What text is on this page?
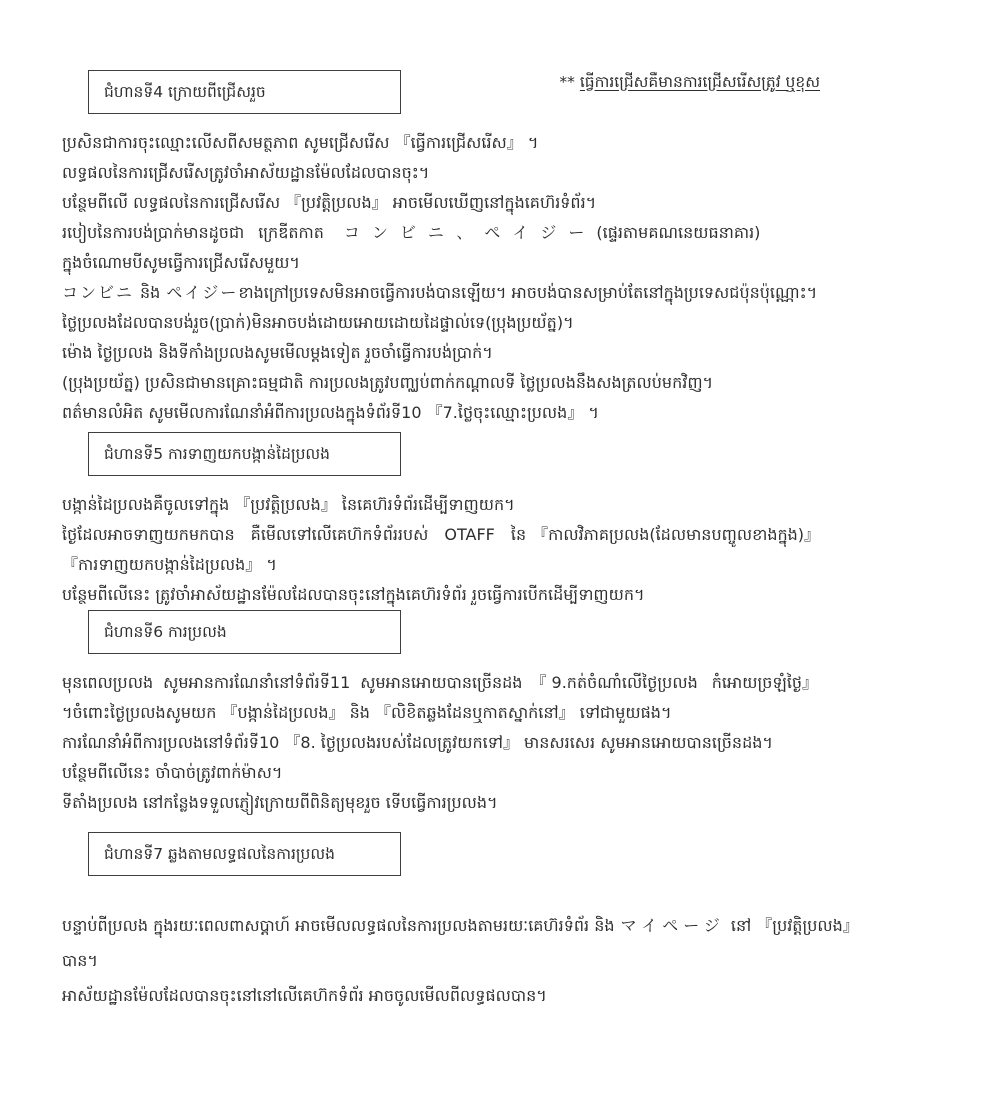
ជំហានទី4 ក្រោយពីជ្រើសរួច
** ធ្វើការជ្រើសគឺមានការជ្រើសរើសត្រូវ ឬខុស
ប្រសិនជាការចុះឈ្មោះលើសពីសមត្ថភាព សូមជ្រើសរើស 『ធ្វើការជ្រើសរើស』 ។
លទ្ធផលនៃការជ្រើសរើសត្រូវចាំអាស័យដ្ឋានម៉ែលដែលបានចុះ។
បន្ថែមពីលើ លទ្ធផលនៃការជ្រើសរើស 『ប្រវត្តិប្រលង』 អាចមើលឃើញនៅក្នុងគេហ៊រទំព័រ។
របៀបនៃការបង់ប្រាក់មានដូចជា ក្រេឌីតកាត コンビニ、ペイジー(ផ្ទេរតាមគណនេយធនាគារ)
ក្នុងចំណោមបីសូមធ្វើការជ្រើសរើសមួយ។
コンビニ និង ペイジーខាងក្រៅប្រទេសមិនអាចធ្វើការបង់បានឡើយ។ អាចបង់បានសម្រាប់តែនៅក្នុងប្រទេសជប៉ុនប៉ុណ្ណោះ។
ថ្លៃប្រលងដែលបានបង់រួច(ប្រាក់)មិនអាចបង់ដោយអោយដោយដៃផ្ទាល់ទេ(ប្រុងប្រយ័ត្ន)។
ម៉ោង ថ្ងៃប្រលង និងទីកាំងប្រលងសូមមើលម្ដងទៀត រួចចាំធ្វើការបង់ប្រាក់។
(ប្រុងប្រយ័ត្ន) ប្រសិនជាមានគ្រោះធម្មជាតិ ការប្រលងត្រូវបញ្ឈប់ពាក់កណ្ដាលទី ថ្លៃប្រលងនឹងសងត្រលប់មកវិញ។
ពត៌មានលំអិត សូមមើលការណែនាំអំពីការប្រលងក្នុងទំព័រទី10 『7.ថ្លៃចុះឈ្មោះប្រលង』 ។
ជំហានទី5 ការទាញយកបង្កាន់ដៃប្រលង
បង្កាន់ដៃប្រលងគឺចូលទៅក្នុង 『ប្រវត្តិប្រលង』 នៃគេហ៊រទំព័រដើម្បីទាញយក។
ថ្ងៃដែលអាចទាញយកមកបាន គឺមើលទៅលើគេហ៊កទំព័ររបស់ OTAFF នៃ 『កាលវិភាគប្រលង(ដែលមានបញ្ចូលខាងក្នុង)』
『ការទាញយកបង្កាន់ដៃប្រលង』 ។
បន្ថែមពីលើនេះ ត្រូវចាំអាស័យដ្ឋានម៉ែលដែលបានចុះនៅក្នុងគេហ៊រទំព័រ រួចធ្វើការបើកដើម្បីទាញយក។
ជំហានទី6 ការប្រលង
មុនពេលប្រលង សូមអានការណែនាំនៅទំព័រទី11 សូមអានអោយបានច្រើនដង 『 9.កត់ចំណាំលើថ្ងៃប្រលង កំអោយច្រឡំថ្ងៃ』
។ចំពោះថ្ងៃប្រលងសូមយក 『បង្កាន់ដៃប្រលង』 និង 『លិខិតឆ្លងដែនឬកាតស្នាក់នៅ』 ទៅជាមួយផង។
ការណែនាំអំពីការប្រលងនៅទំព័រទី10 『8. ថ្ងៃប្រលងរបស់ដែលត្រូវយកទៅ』 មានសរសេរ សូមអានអោយបានច្រើនដង។
បន្ថែមពីលើនេះ ចាំបាច់ត្រូវពាក់ម៉ាស។
ទីតាំងប្រលង នៅកន្លែងទទួលភ្ញៀវក្រោយពីពិនិត្យមុខរួច ទើបធ្វើការប្រលង។
ជំហានទី7 ឆ្លងតាមលទ្ធផលនៃការប្រលង
បន្ទាប់ពីប្រលង ក្នុងរយៈពេលពាសប្តាហ៍ អាចមើលលទ្ធផលនៃការប្រលងតាមរយៈគេហ៊រទំព័រ និង マイページ នៅ 『ប្រវត្តិប្រលង』
បាន។
អាស័យដ្ឋានម៉ែលដែលបានចុះនៅនៅលើគេហ៊កទំព័រ អាចចូលមើលពីលទ្ធផលបាន។
